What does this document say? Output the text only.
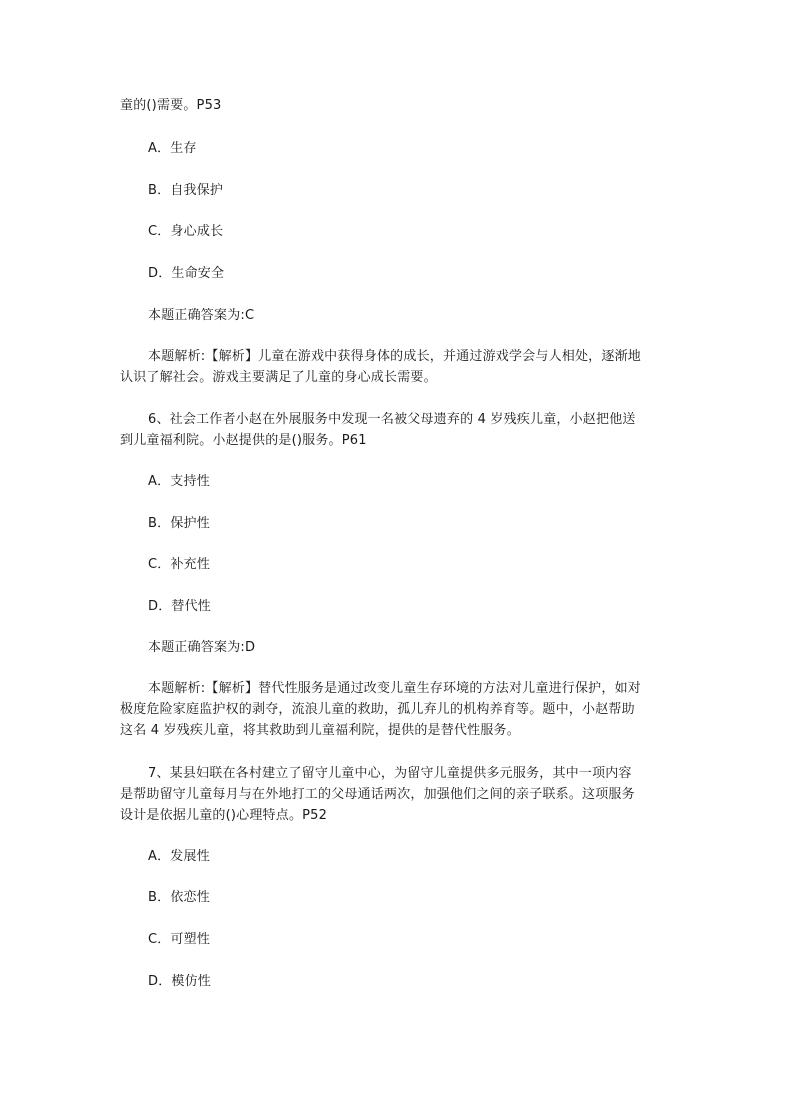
童的()需要。P53

A．生存

B．自我保护

C．身心成长

D．生命安全

本题正确答案为:C

本题解析:【解析】儿童在游戏中获得身体的成长，并通过游戏学会与人相处，逐渐地

认识了解社会。游戏主要满足了儿童的身心成长需要。

6、社会工作者小赵在外展服务中发现一名被父母遗弃的 4 岁残疾儿童，小赵把他送

到儿童福利院。小赵提供的是()服务。P61

A．支持性

B．保护性

C．补充性

D．替代性

本题正确答案为:D

本题解析:【解析】替代性服务是通过改变儿童生存环境的方法对儿童进行保护，如对

极度危险家庭监护权的剥夺，流浪儿童的救助，孤儿弃儿的机构养育等。题中，小赵帮助

这名 4 岁残疾儿童，将其救助到儿童福利院，提供的是替代性服务。

7、某县妇联在各村建立了留守儿童中心，为留守儿童提供多元服务，其中一项内容

是帮助留守儿童每月与在外地打工的父母通话两次，加强他们之间的亲子联系。这项服务

设计是依据儿童的()心理特点。P52

A．发展性

B．依恋性

C．可塑性

D．模仿性
